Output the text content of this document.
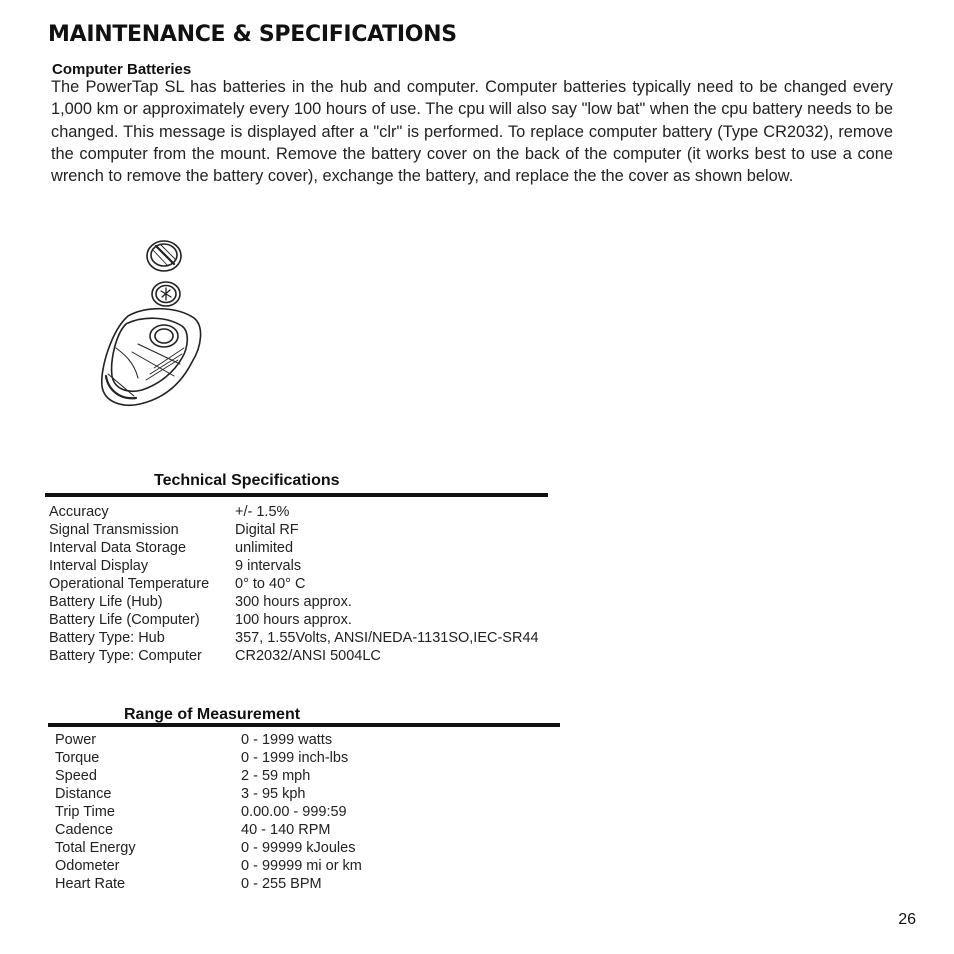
MAINTENANCE & SPECIFICATIONS
Computer Batteries

The PowerTap SL has batteries in the hub and computer. Computer batteries typically need to be changed every 1,000 km or approximately every 100 hours of use. The cpu will also say "low bat" when the cpu battery needs to be changed. This message is displayed after a "clr" is performed. To replace computer battery (Type CR2032), remove the computer from the mount. Remove the battery cover on the back of the computer (it works best to use a cone wrench to remove the battery cover), exchange the battery, and replace the the cover as shown below.

Technical Specifications
Accuracy	+/- 1.5%
Signal Transmission	Digital RF
Interval Data Storage	unlimited
Interval Display	9 intervals
Operational Temperature	0° to 40° C
Battery Life (Hub)	300 hours approx.
Battery Life (Computer)	100 hours approx.
Battery Type: Hub	357, 1.55Volts, ANSI/NEDA-1131SO,IEC-SR44
Battery Type: Computer	CR2032/ANSI 5004LC
Range of Measurement
Power	0 - 1999 watts
Torque	0 - 1999 inch-lbs
Speed	2 - 59 mph
Distance	3 - 95 kph
Trip Time	0.00.00 - 999:59
Cadence	40 - 140 RPM
Total Energy	0 - 99999 kJoules
Odometer	0 - 99999 mi or km
Heart Rate	0 - 255 BPM
26
